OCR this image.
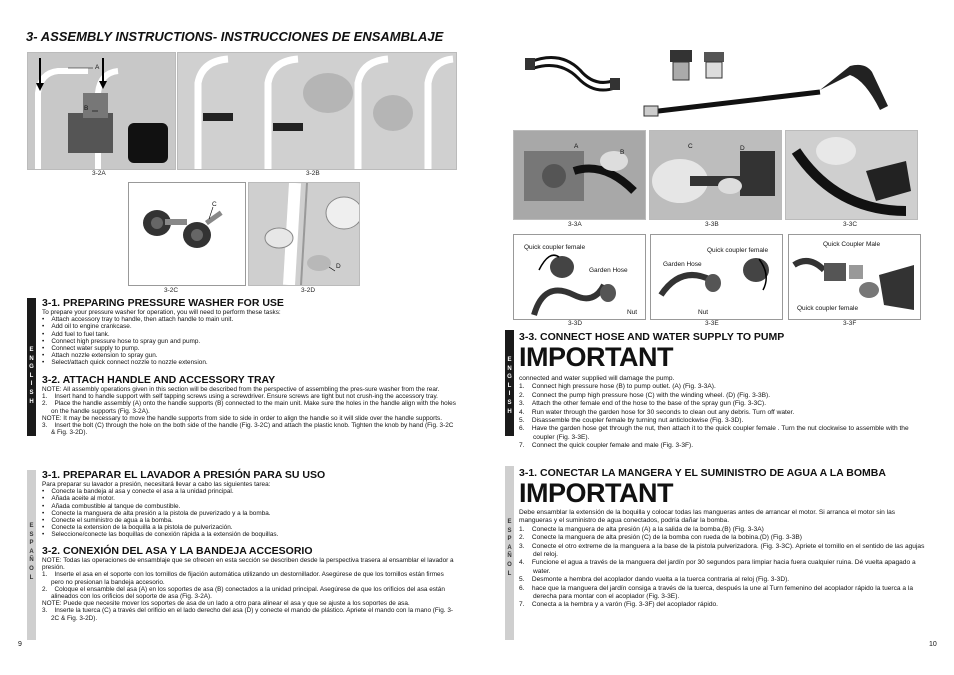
3- ASSEMBLY INSTRUCTIONS- INSTRUCCIONES DE ENSAMBLAJE
A
B
3-2A	3-2B
C
3-2C
D
3-2D
E
N
G
L
I
S
H
E
S
P
A
Ñ
O
L
3-1. PREPARING PRESSURE WASHER FOR USE
To prepare your pressure washer for operation, you will need to perform these tasks:
•    Attach accessory tray to handle, then attach handle to main unit.
•    Add oil to engine crankcase.
•    Add fuel to fuel tank.
•    Connect high pressure hose to spray gun and pump.
•    Connect water supply to pump.
•    Attach nozzle extension to spray gun.
•    Select/attach quick connect nozzle to nozzle extension.
3-2. ATTACH HANDLE AND ACCESSORY TRAY
NOTE: All assembly operations given in this section will be described from the perspective of assembling the pres-sure washer from the rear.
1. Insert hand to handle support with self tapping screws using a screwdriver. Ensure screws are tight but not crush-ing the accessory tray.
2. Place the handle assembly (A) onto the handle supports (B) connected to the main unit. Make sure the holes in the handle align with the holes on the handle supports (Fig. 3-2A).
NOTE: It may be necessary to move the handle supports from side to side in order to align the handle so it will slide over the handle supports.
3. Insert the bolt (C) through the hole on the both side of the handle (Fig. 3-2C) and attach the plastic knob. Tighten the knob by hand (Fig. 3-2C & Fig. 3-2D).
3-1. PREPARAR EL LAVADOR A PRESIÓN PARA SU USO
Para preparar su lavador a presión, necesitará llevar a cabo las siguientes tarea:
•    Conecte la bandeja al asa y conecte el asa a la unidad principal.
•    Añada aceite al motor.
•    Añada combustible al tanque de combustible.
•    Conecte la manguera de alta presión a la pistola de puverizado y a la bomba.
•    Conecte el suministro de agua a la bomba.
•    Conecte la extension de la boquilla a la pistola de pulverización.
•    Seleccione/conecte las boquillas de conexión rápida a la extensión de boquillas.
3-2. CONEXIÓN DEL ASA Y LA BANDEJA ACCESORIO
NOTE: Todas las operaciones de ensamblaje que se ofrecen en esta sección se describen desde la perspectiva trasera al ensamblar el lavador a presión.
1. Inserte el asa en el soporte con los tornillos de fijación automática utilizando un destornillador. Asegúrese de que los tornillos están firmes pero no presionan la bandeja accesorio.
2. Coloque el ensamble del asa (A) en los soportes de asa (B) conectados a la unidad principal. Asegúrese de que los orificios del asa están alineados con los orificios del soporte de asa (Fig. 3-2A).
NOTE: Puede que necesite mover los soportes de asa de un lado a otro para alinear el asa y que se ajuste a los soportes de asa.
3. Inserte la tuerca (C) a través del orificio en el lado derecho del asa (D) y conecte el mando de plástico. Apriete el mando con la mano (Fig. 3-2C & Fig. 3-2D).
9
A
B
3-3A
C	D
3-3B	3-3C
Quick coupler female
Garden Hose
Nut
3-3D
Quick coupler female
Garden Hose
Nut
3-3E
Quick Coupler Male
Quick coupler female
3-3F
E
N
G
L
I
S
H
E
S
P
A
Ñ
O
L
3-3. CONNECT HOSE AND WATER SUPPLY TO PUMP
IMPORTANT
connected and water supplied will damage the pump.
1. Connect high pressure hose (B) to pump outlet. (A) (Fig. 3-3A).
2. Connect the pump high pressure hose (C) with the winding wheel. (D) (Fig. 3-3B).
3. Attach the other female end of the hose to the base of the spray gun (Fig. 3-3C).
4. Run water through the garden hose for 30 seconds to clean out any debris. Turn off water.
5. Disassemble the coupler female by turning nut anticlockwise (Fig. 3-3D).
6. Have the garden hose get through the nut, then attach it to the quick coupler female . Turn the nut clockwise to assemble with the coupler (Fig. 3-3E).
7. Connect the quick coupler female and male (Fig. 3-3F).
3-1. CONECTAR LA MANGERA Y EL SUMINISTRO DE AGUA A LA BOMBA
IMPORTANT
Debe ensamblar la extensión de la boquilla y colocar todas las mangueras antes de arrancar el motor. Si arranca el motor sin las mangueras y el suministro de agua conectados, podría dañar la bomba.
1. Conecte la manguera de alta presión (A) a la salida de la bomba.(B) (Fig. 3-3A)
2. Conecte la manguera de alta presión (C) de la bomba con rueda de la bobina.(D) (Fig. 3-3B)
3. Conecte el otro extreme de la manguera a la base de la pistola pulverizadora. (Fig. 3-3C). Apriete el tornillo en el sentido de las agujas del reloj.
4. Funcione el agua a través de la manguera del jardín por 30 segundos para limpiar hacia fuera cualquier ruina. Dé vuelta apagado a water.
5. Desmonte a hembra del acoplador dando vuelta a la tuerca contraria al reloj (Fig. 3-3D).
6. hace que la manguera del jardín consiga a través de la tuerca, después la une al Turn femenino del acoplador rápido la tuerca a la derecha para montar con el acoplador (Fig. 3-3E).
7. Conecta a la hembra y a varón (Fig. 3-3F) del acoplador rápido.
10
